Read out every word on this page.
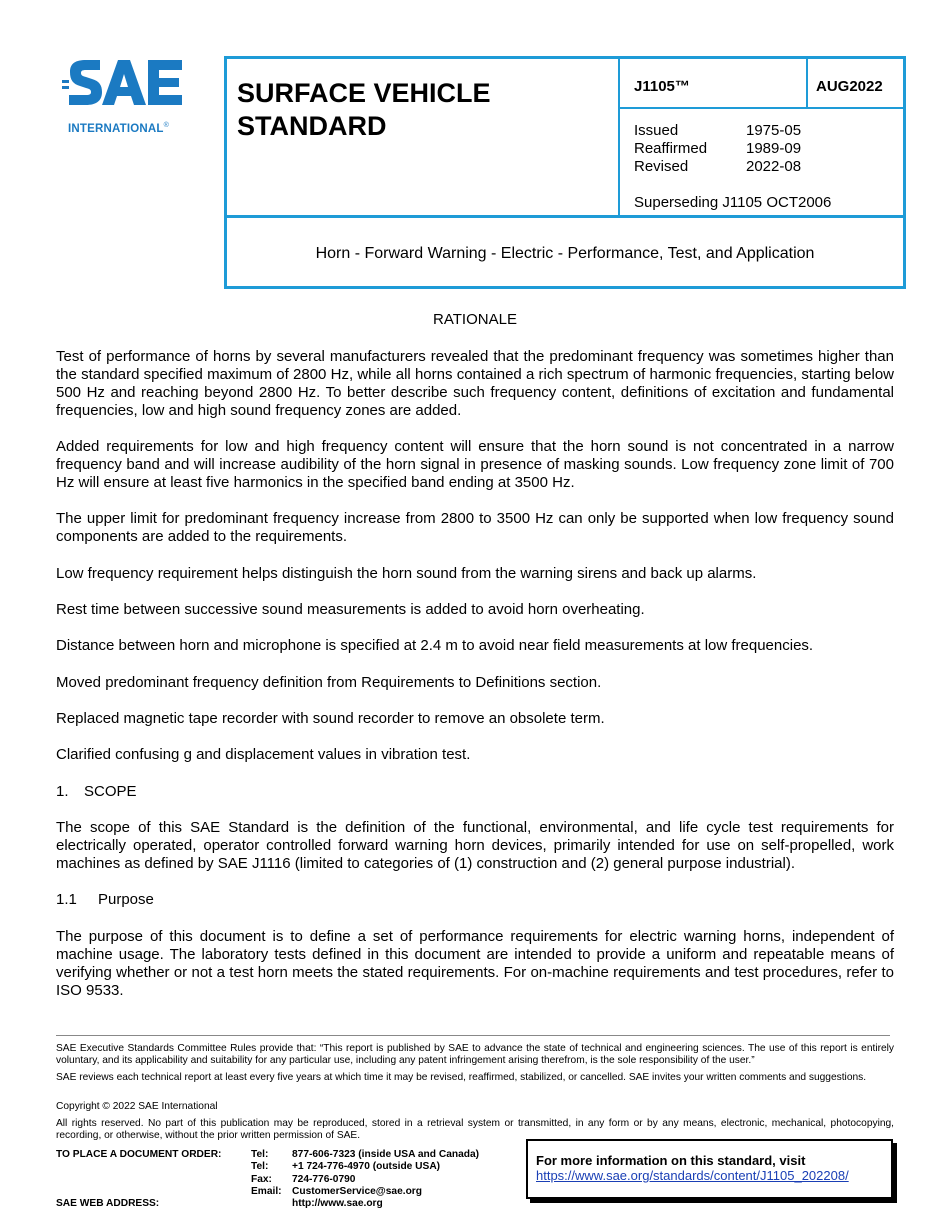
INTERNATIONAL®
SURFACE VEHICLE
STANDARD
J1105™	AUG2022
Issued	1975-05
Reaffirmed	1989-09
Revised	2022-08
Superseding J1105 OCT2006
Horn - Forward Warning - Electric - Performance, Test, and Application
RATIONALE
Test of performance of horns by several manufacturers revealed that the predominant frequency was sometimes higher than the standard specified maximum of 2800 Hz, while all horns contained a rich spectrum of harmonic frequencies, starting below 500 Hz and reaching beyond 2800 Hz. To better describe such frequency content, definitions of excitation and fundamental frequencies, low and high sound frequency zones are added.
Added requirements for low and high frequency content will ensure that the horn sound is not concentrated in a narrow frequency band and will increase audibility of the horn signal in presence of masking sounds. Low frequency zone limit of 700 Hz will ensure at least five harmonics in the specified band ending at 3500 Hz.
The upper limit for predominant frequency increase from 2800 to 3500 Hz can only be supported when low frequency sound components are added to the requirements.
Low frequency requirement helps distinguish the horn sound from the warning sirens and back up alarms.
Rest time between successive sound measurements is added to avoid horn overheating.
Distance between horn and microphone is specified at 2.4 m to avoid near field measurements at low frequencies.
Moved predominant frequency definition from Requirements to Definitions section.
Replaced magnetic tape recorder with sound recorder to remove an obsolete term.
Clarified confusing g and displacement values in vibration test.
1. SCOPE
The scope of this SAE Standard is the definition of the functional, environmental, and life cycle test requirements for electrically operated, operator controlled forward warning horn devices, primarily intended for use on self-propelled, work machines as defined by SAE J1116 (limited to categories of (1) construction and (2) general purpose industrial).
1.1 Purpose
The purpose of this document is to define a set of performance requirements for electric warning horns, independent of machine usage. The laboratory tests defined in this document are intended to provide a uniform and repeatable means of verifying whether or not a test horn meets the stated requirements. For on-machine requirements and test procedures, refer to ISO 9533.
SAE Executive Standards Committee Rules provide that: “This report is published by SAE to advance the state of technical and engineering sciences. The use of this report is entirely voluntary, and its applicability and suitability for any particular use, including any patent infringement arising therefrom, is the sole responsibility of the user.”
SAE reviews each technical report at least every five years at which time it may be revised, reaffirmed, stabilized, or cancelled. SAE invites your written comments and suggestions.
Copyright © 2022 SAE International
All rights reserved. No part of this publication may be reproduced, stored in a retrieval system or transmitted, in any form or by any means, electronic, mechanical, photocopying, recording, or otherwise, without the prior written permission of SAE.
TO PLACE A DOCUMENT ORDER:
SAE WEB ADDRESS:
Tel:	877-606-7323 (inside USA and Canada)
Tel:	+1 724-776-4970 (outside USA)
Fax:	724-776-0790
Email:	CustomerService@sae.org
http://www.sae.org
For more information on this standard, visit
https://www.sae.org/standards/content/J1105_202208/
